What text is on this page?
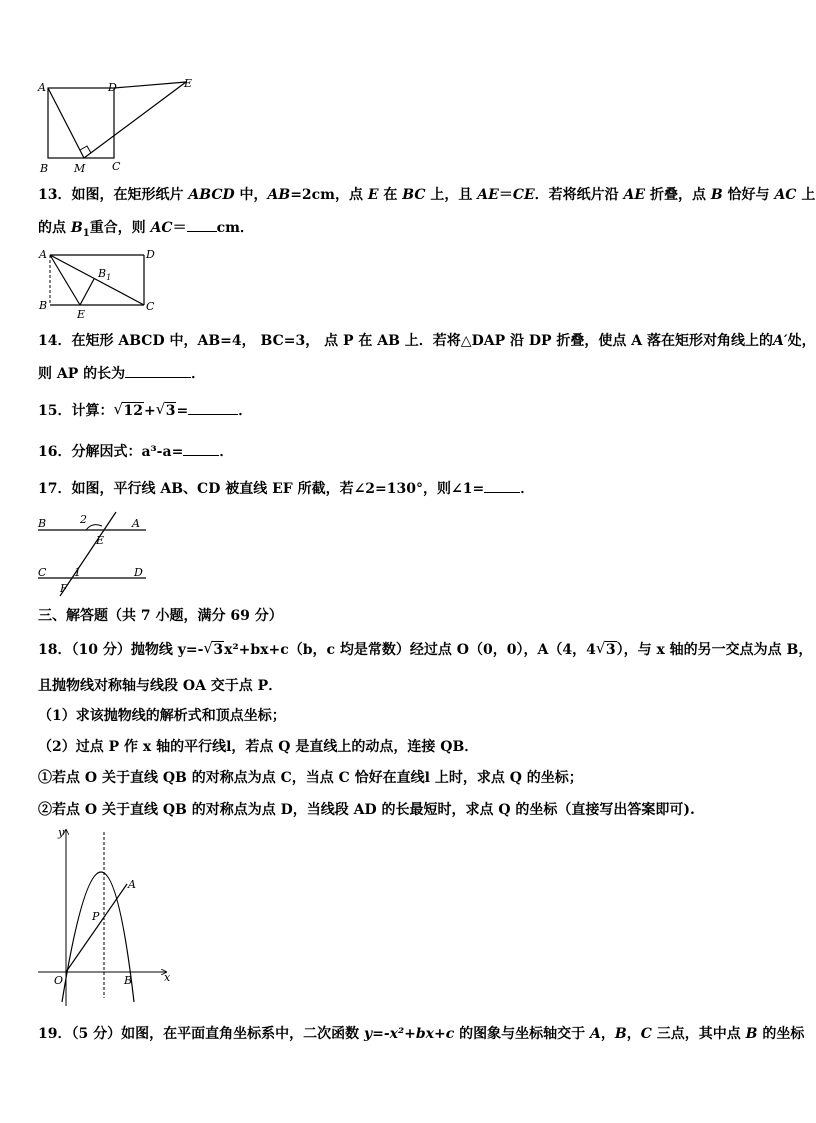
A	D	E
B M C
13．如图，在矩形纸片 ABCD 中，AB=2cm，点 E 在 BC 上，且 AE＝CE．若将纸片沿 AE 折叠，点 B 恰好与 AC 上
的点 $B_1$重合，则 AC＝ cm．
A	D
$B_1$
B
E
C
14．在矩形 ABCD 中，AB=4， BC=3， 点 P 在 AB 上．若将△DAP 沿 DP 折叠，使点 A 落在矩形对角线上的A′处，
则 AP 的长为	．
15．计算： √ 12+ √ 3=	．
16．分解因式：a³-a=	．
17．如图，平行线 AB、CD 被直线 EF 所截，若∠2=130°，则∠1=	．
B	2	A
E
C	1	D
F
三、解答题（共 7 小题，满分 69 分）
18．（10 分）抛物线 y=- √ 3x²+bx+c（b，c 均是常数）经过点 O（0，0），A（4，4 √ 3），与 x 轴的另一交点为点 B，
且抛物线对称轴与线段 OA 交于点 P．
（1）求该抛物线的解析式和顶点坐标；
（2）过点 P 作 x 轴的平行线l，若点 Q 是直线上的动点，连接 QB．
①若点 O 关于直线 QB 的对称点为点 C，当点 C 恰好在直线l 上时，求点 Q 的坐标；
②若点 O 关于直线 QB 的对称点为点 D，当线段 AD 的长最短时，求点 Q 的坐标（直接写出答案即可).
y
A
P
O	B	x
19．（5 分）如图，在平面直角坐标系中，二次函数 y=-x²+bx+c 的图象与坐标轴交于 A，B，C 三点，其中点 B 的坐标
